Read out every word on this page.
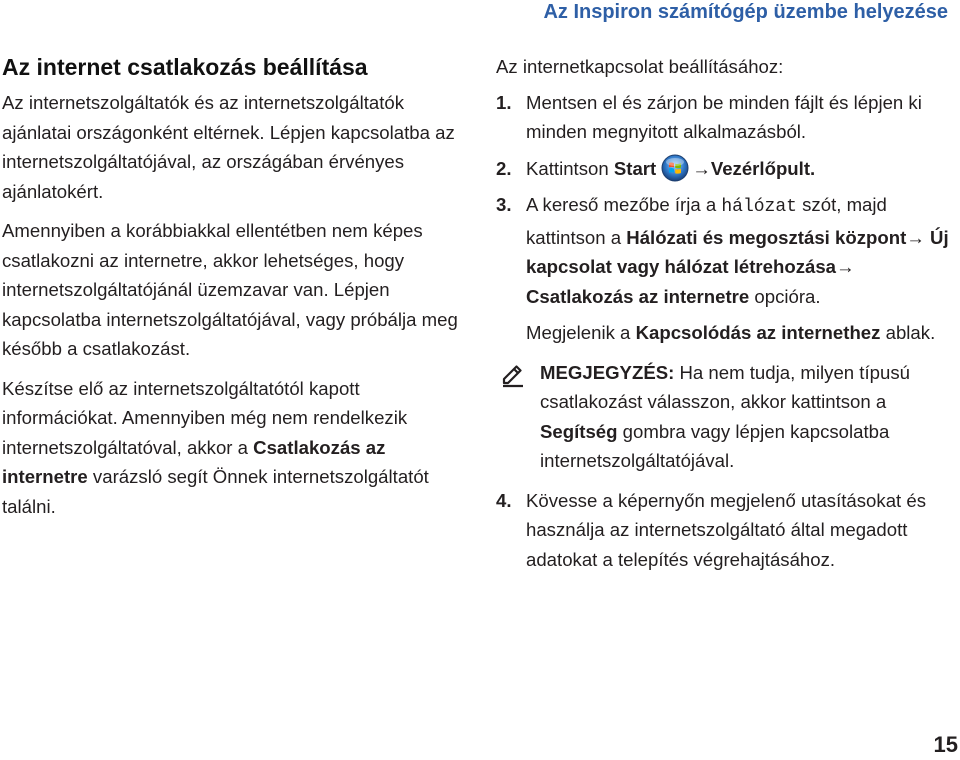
Az Inspiron számítógép üzembe helyezése
Az internet csatlakozás beállítása

Az internetszolgáltatók és az internetszolgáltatók ajánlatai országonként eltérnek. Lépjen kapcsolatba az internetszolgáltatójával, az országában érvényes ajánlatokért.

Amennyiben a korábbiakkal ellentétben nem képes csatlakozni az internetre, akkor lehetséges, hogy internetszolgáltatójánál üzemzavar van. Lépjen kapcsolatba internetszolgáltatójával, vagy próbálja meg később a csatlakozást.

Készítse elő az internetszolgáltatótól kapott információkat. Amennyiben még nem rendelkezik internetszolgáltatóval, akkor a Csatlakozás az internetre varázsló segít Önnek internetszolgáltatót találni.

Az internetkapcsolat beállításához:

1. Mentsen el és zárjon be minden fájlt és lépjen ki minden megnyitott alkalmazásból.
2. Kattintson Start →Vezérlőpult.
3. A kereső mezőbe írja a hálózat szót, majd kattintson a Hálózati és megosztási központ→ Új kapcsolat vagy hálózat létrehozása→ Csatlakozás az internetre opcióra.

Megjelenik a Kapcsolódás az internethez ablak.

MEGJEGYZÉS: Ha nem tudja, milyen típusú csatlakozást válasszon, akkor kattintson a Segítség gombra vagy lépjen kapcsolatba internetszolgáltatójával.
4. Kövesse a képernyőn megjelenő utasításokat és használja az internetszolgáltató által megadott adatokat a telepítés végrehajtásához.
15
